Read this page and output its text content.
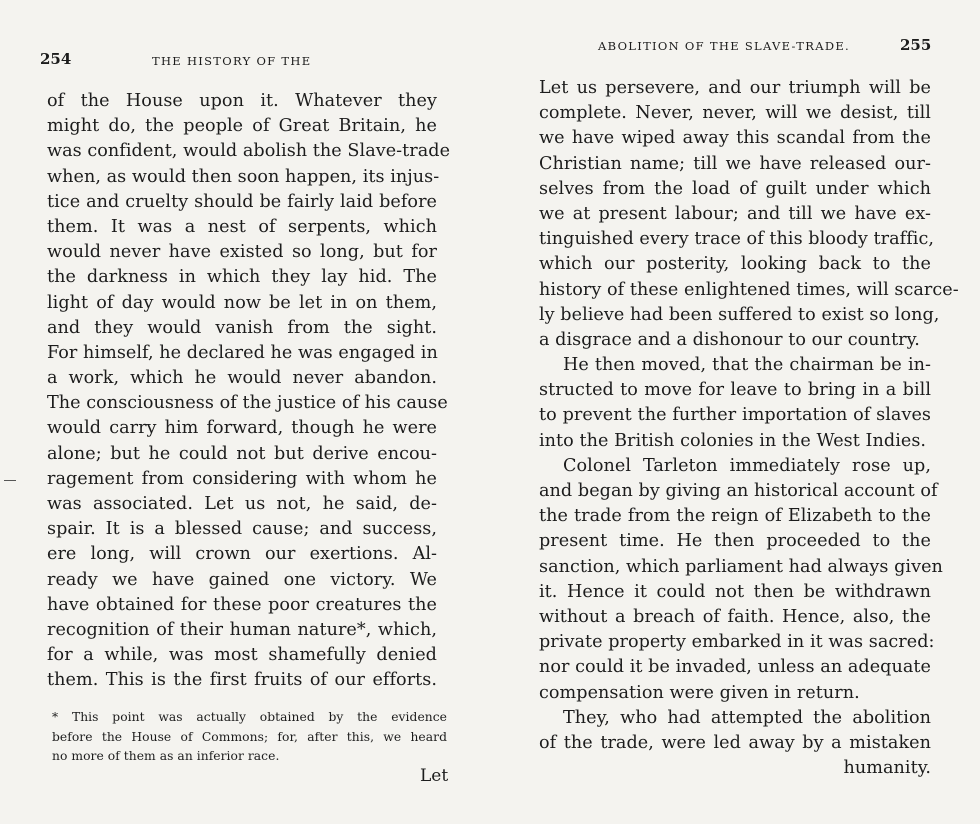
254	THE HISTORY OF THE
of the House upon it. Whatever they
might do, the people of Great Britain, he
was confident, would abolish the Slave-trade
when, as would then soon happen, its injus-
tice and cruelty should be fairly laid before
them. It was a nest of serpents, which
would never have existed so long, but for
the darkness in which they lay hid. The
light of day would now be let in on them,
and they would vanish from the sight.
For himself, he declared he was engaged in
a work, which he would never abandon.
The consciousness of the justice of his cause
would carry him forward, though he were
alone; but he could not but derive encou-
ragement from considering with whom he
was associated. Let us not, he said, de-
spair. It is a blessed cause; and success,
ere long, will crown our exertions. Al-
ready we have gained one victory. We
have obtained for these poor creatures the
recognition of their human nature*, which,
for a while, was most shamefully denied
them. This is the first fruits of our efforts.
* This point was actually obtained by the evidence
before the House of Commons; for, after this, we heard
no more of them as an inferior race.
Let
ABOLITION OF THE SLAVE-TRADE.	255
Let us persevere, and our triumph will be
complete. Never, never, will we desist, till
we have wiped away this scandal from the
Christian name; till we have released our-
selves from the load of guilt under which
we at present labour; and till we have ex-
tinguished every trace of this bloody traffic,
which our posterity, looking back to the
history of these enlightened times, will scarce-
ly believe had been suffered to exist so long,
a disgrace and a dishonour to our country.
He then moved, that the chairman be in-
structed to move for leave to bring in a bill
to prevent the further importation of slaves
into the British colonies in the West Indies.
Colonel Tarleton immediately rose up,
and began by giving an historical account of
the trade from the reign of Elizabeth to the
present time. He then proceeded to the
sanction, which parliament had always given
it. Hence it could not then be withdrawn
without a breach of faith. Hence, also, the
private property embarked in it was sacred:
nor could it be invaded, unless an adequate
compensation were given in return.
They, who had attempted the abolition
of the trade, were led away by a mistaken
humanity.
